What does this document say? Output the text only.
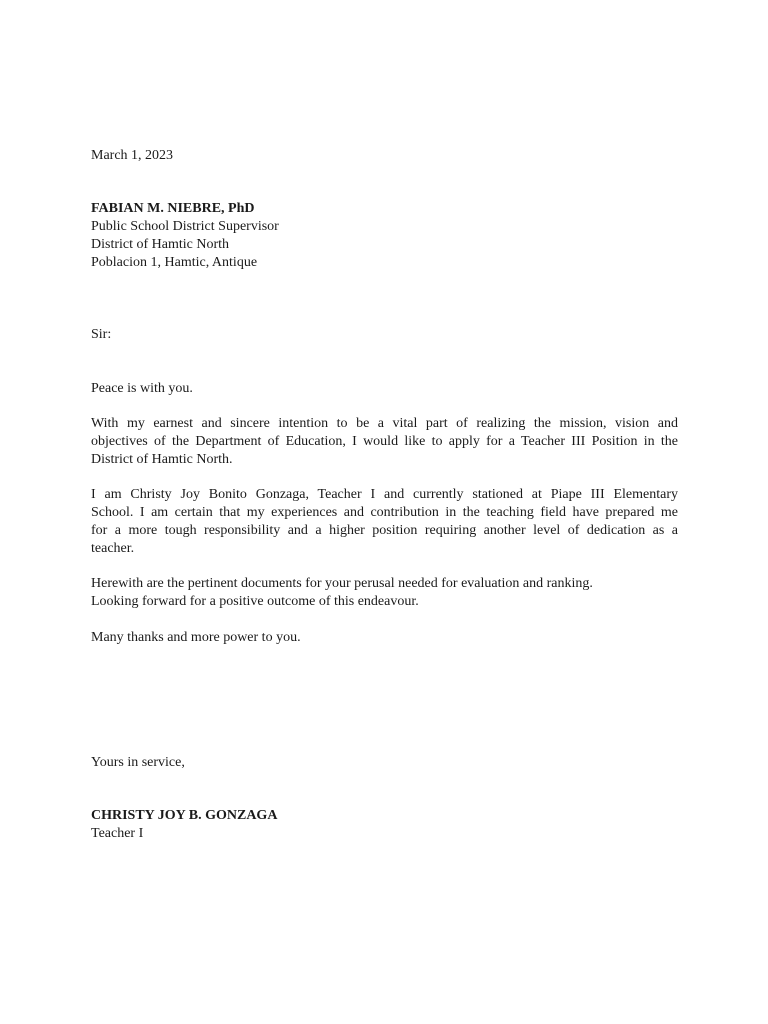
March 1, 2023
FABIAN M. NIEBRE, PhD
Public School District Supervisor
District of Hamtic North
Poblacion 1, Hamtic, Antique
Sir:
Peace is with you.
With my earnest and sincere intention to be a vital part of realizing the mission, vision and
objectives of the Department of Education, I would like to apply for a Teacher III Position in the
District of Hamtic North.
I am Christy Joy Bonito Gonzaga, Teacher I and currently stationed at Piape III Elementary
School. I am certain that my experiences and contribution in the teaching field have prepared me
for a more tough responsibility and a higher position requiring another level of dedication as a
teacher.
Herewith are the pertinent documents for your perusal needed for evaluation and ranking.
Looking forward for a positive outcome of this endeavour.
Many thanks and more power to you.
Yours in service,
CHRISTY JOY B. GONZAGA
Teacher I
